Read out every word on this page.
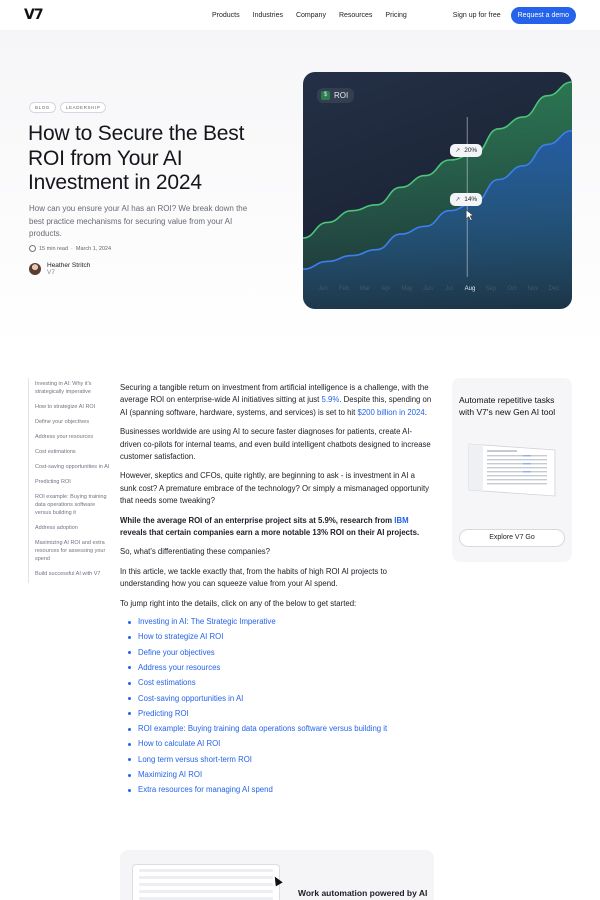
V7	Products Industries Company Resources Pricing	Sign up for free	Request a demo
BLOG	LEADERSHIP
How to Secure the Best ROI from Your AI Investment in 2024

How can you ensure your AI has an ROI? We break down the best practice mechanisms for securing value from your AI products.

15 min read · March 1, 2024
Heather Stritch
V7
Jan Feb Mar Apr May Jun Jul Aug Sep Oct Nov Dec
$ ROI
↗ 20%
↗ 14%
Investing in AI: Why it's strategically imperative
How to strategize AI ROI
Define your objectives
Address your resources
Cost estimations
Cost-saving opportunities in AI
Predicting ROI
ROI example: Buying training data operations software versus building it
Address adoption
Maximizing AI ROI and extra resources for assessing your spend
Build successful AI with V7

Securing a tangible return on investment from artificial intelligence is a challenge, with the average ROI on enterprise-wide AI initiatives sitting at just 5.9%. Despite this, spending on AI (spanning software, hardware, systems, and services) is set to hit $200 billion in 2024.

Businesses worldwide are using AI to secure faster diagnoses for patients, create AI-driven co-pilots for internal teams, and even build intelligent chatbots designed to increase customer satisfaction.

However, skeptics and CFOs, quite rightly, are beginning to ask - is investment in AI a sunk cost? A premature embrace of the technology? Or simply a mismanaged opportunity that needs some tweaking?

While the average ROI of an enterprise project sits at 5.9%, research from IBM reveals that certain companies earn a more notable 13% ROI on their AI projects.

So, what's differentiating these companies?

In this article, we tackle exactly that, from the habits of high ROI AI projects to understanding how you can squeeze value from your AI spend.

To jump right into the details, click on any of the below to get started:

Investing in AI: The Strategic Imperative
How to strategize AI ROI
Define your objectives
Address your resources
Cost estimations
Cost-saving opportunities in AI
Predicting ROI
ROI example: Buying training data operations software versus building it
How to calculate AI ROI
Long term versus short-term ROI
Maximizing AI ROI
Extra resources for managing AI spend
Automate repetitive tasks with V7's new Gen AI tool
Explore V7 Go
Work automation powered by AI
